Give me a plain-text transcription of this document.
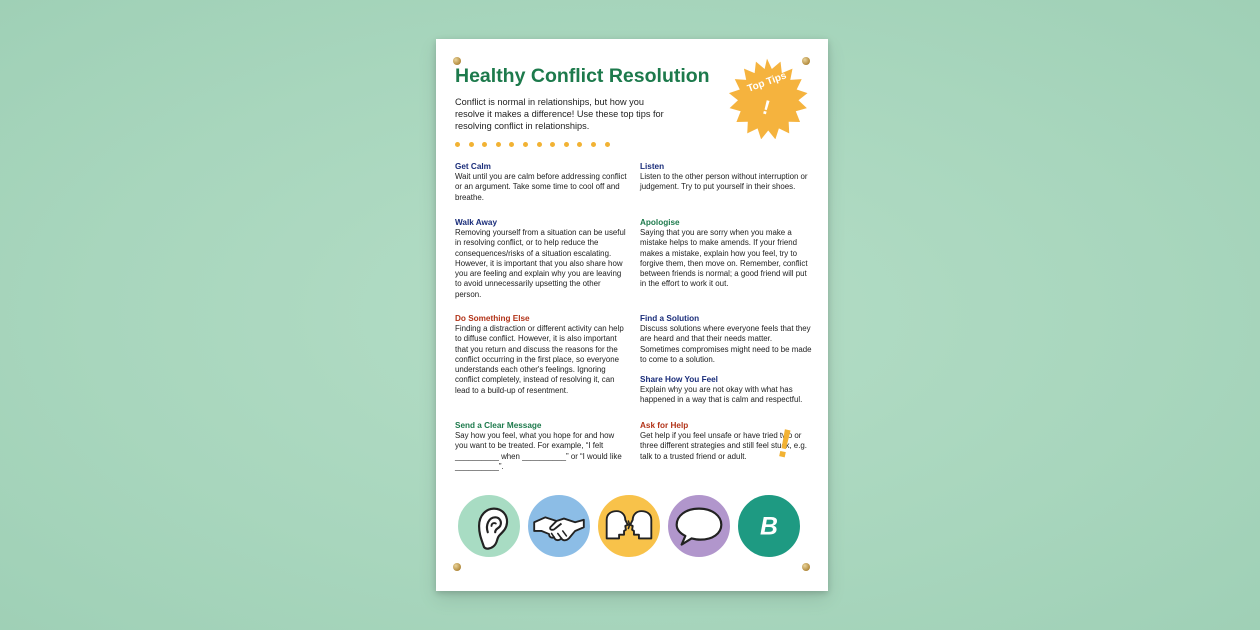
Healthy Conflict Resolution
Conflict is normal in relationships, but how you resolve it makes a difference! Use these top tips for resolving conflict in relationships.
Top Tips
!
Get Calm

Wait until you are calm before addressing conflict or an argument. Take some time to cool off and breathe.

Walk Away

Removing yourself from a situation can be useful in resolving conflict, or to help reduce the consequences/risks of a situation escalating. However, it is important that you also share how you are feeling and explain why you are leaving to avoid unnecessarily upsetting the other person.

Do Something Else

Finding a distraction or different activity can help to diffuse conflict. However, it is also important that you return and discuss the reasons for the conflict occurring in the first place, so everyone understands each other's feelings. Ignoring conflict completely, instead of resolving it, can lead to a build-up of resentment.

Send a Clear Message

Say how you feel, what you hope for and how you want to be treated. For example, “I felt __________ when __________” or “I would like __________”.

Listen

Listen to the other person without interruption or judgement. Try to put yourself in their shoes.

Apologise

Saying that you are sorry when you make a mistake helps to make amends. If your friend makes a mistake, explain how you feel, try to forgive them, then move on. Remember, conflict between friends is normal; a good friend will put in the effort to work it out.

Find a Solution

Discuss solutions where everyone feels that they are heard and that their needs matter. Sometimes compromises might need to be made to come to a solution.

Share How You Feel

Explain why you are not okay with what has happened in a way that is calm and respectful.

Ask for Help

Get help if you feel unsafe or have tried two or three different strategies and still feel stuck, e.g. talk to a trusted friend or adult. !
B
